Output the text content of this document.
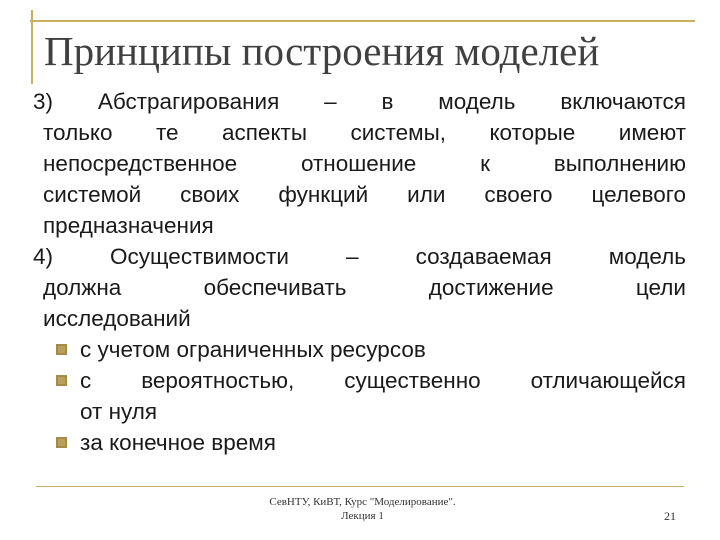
Принципы построения моделей
3) Абстрагирования – в модель включаются
только те аспекты системы, которые имеют
непосредственное отношение к выполнению
системой своих функций или своего целевого
предназначения
4) Осуществимости – создаваемая модель
должна обеспечивать достижение цели
исследований
с учетом ограниченных ресурсов
с вероятностью, существенно отличающейся
от нуля
за конечное время
СевНТУ, КиВТ, Курс "Моделирование".
Лекция 1	21
